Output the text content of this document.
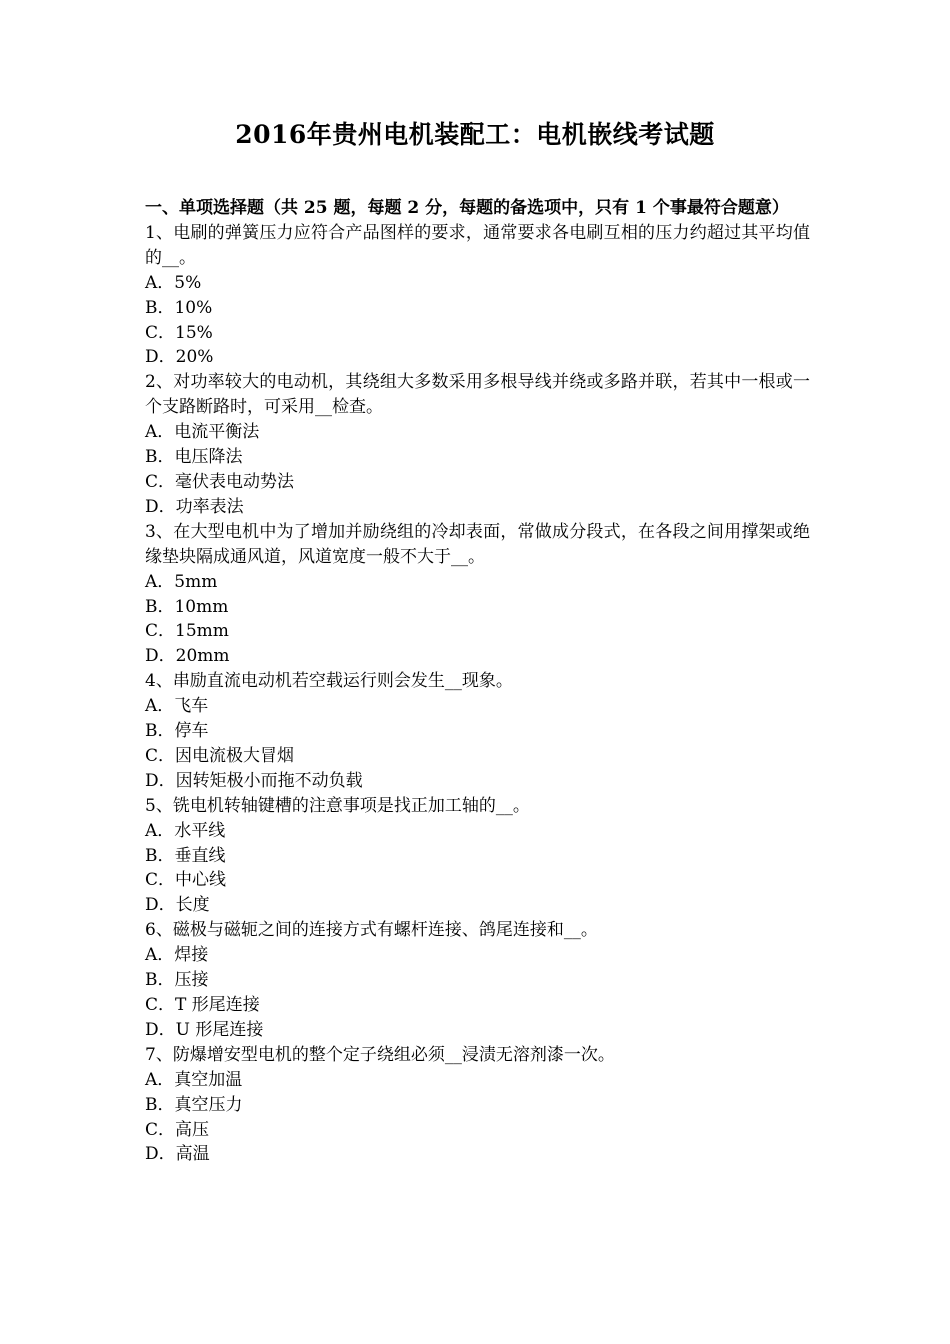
2016年贵州电机装配工：电机嵌线考试题
一、单项选择题（共 25 题，每题 2 分，每题的备选项中，只有 1 个事最符合题意）
1、电刷的弹簧压力应符合产品图样的要求，通常要求各电刷互相的压力约超过其平均值的__。
A．5%
B．10%
C．15%
D．20%
2、对功率较大的电动机，其绕组大多数采用多根导线并绕或多路并联，若其中一根或一个支路断路时，可采用__检查。
A．电流平衡法
B．电压降法
C．毫伏表电动势法
D．功率表法
3、在大型电机中为了增加并励绕组的冷却表面，常做成分段式，在各段之间用撑架或绝缘垫块隔成通风道，风道宽度一般不大于__。
A．5mm
B．10mm
C．15mm
D．20mm
4、串励直流电动机若空载运行则会发生__现象。
A．飞车
B．停车
C．因电流极大冒烟
D．因转矩极小而拖不动负载
5、铣电机转轴键槽的注意事项是找正加工轴的__。
A．水平线
B．垂直线
C．中心线
D．长度
6、磁极与磁轭之间的连接方式有螺杆连接、鸽尾连接和__。
A．焊接
B．压接
C．T 形尾连接
D．U 形尾连接
7、防爆增安型电机的整个定子绕组必须__浸渍无溶剂漆一次。
A．真空加温
B．真空压力
C．高压
D．高温
